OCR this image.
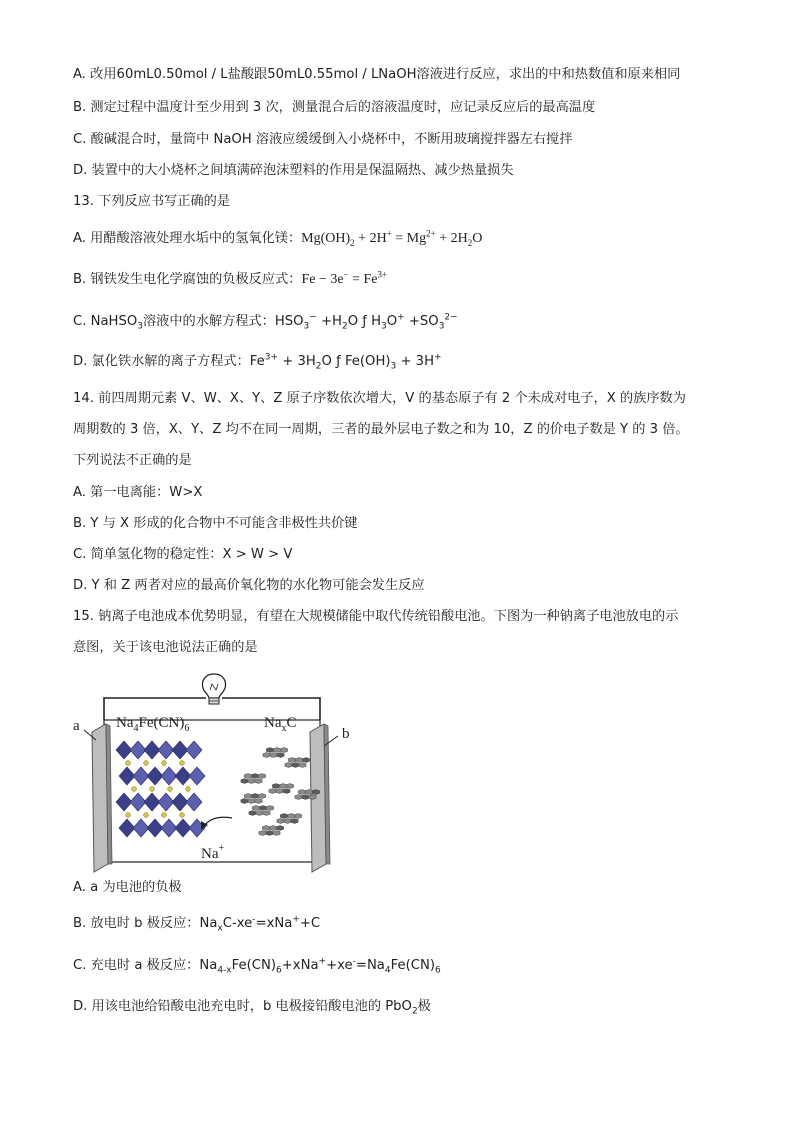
A. 改用60mL0.50mol / L盐酸跟50mL0.55mol / LNaOH溶液进行反应，求出的中和热数值和原来相同
B. 测定过程中温度计至少用到 3 次，测量混合后的溶液温度时，应记录反应后的最高温度
C. 酸碱混合时，量筒中 NaOH 溶液应缓缓倒入小烧杯中，不断用玻璃搅拌器左右搅拌
D. 装置中的大小烧杯之间填满碎泡沫塑料的作用是保温隔热、减少热量损失
13. 下列反应书写正确的是
A. 用醋酸溶液处理水垢中的氢氧化镁：$Mg(OH)_2 + 2H^+ = Mg^{2+} + 2H_2O$
B. 钢铁发生电化学腐蚀的负极反应式：$Fe - 3e^- = Fe^{3+}$
C. NaHSO$_3$溶液中的水解方程式：$HSO_3^- +H_2O$ ƒ $H_3O^+ +SO_3^{2-}$
D. 氯化铁水解的离子方程式：$Fe^{3+} + 3H_2O$ ƒ $Fe(OH)_3 + 3H^+$
14. 前四周期元素 V、W、X、Y、Z 原子序数依次增大，V 的基态原子有 2 个未成对电子，X 的族序数为
周期数的 3 倍，X、Y、Z 均不在同一周期，三者的最外层电子数之和为 10，Z 的价电子数是 Y 的 3 倍。
下列说法不正确的是
A. 第一电离能：W>X
B. Y 与 X 形成的化合物中不可能含非极性共价键
C. 简单氢化物的稳定性：X > W > V
D. Y 和 Z 两者对应的最高价氧化物的水化物可能会发生反应
15. 钠离子电池成本优势明显，有望在大规模储能中取代传统铅酸电池。下图为一种钠离子电池放电的示
意图，关于该电池说法正确的是
a	b
$Na_4Fe(CN)_6$	$Na_xC$
Na+
A. a 为电池的负极
B. 放电时 b 极反应：$Na_xC-xe^-=xNa^++C$
C. 充电时 a 极反应：$Na_{4-x}Fe(CN)_6+xNa^++xe^-=Na_4Fe(CN)_6$
D. 用该电池给铅酸电池充电时，b 电极接铅酸电池的 PbO$_2$极
